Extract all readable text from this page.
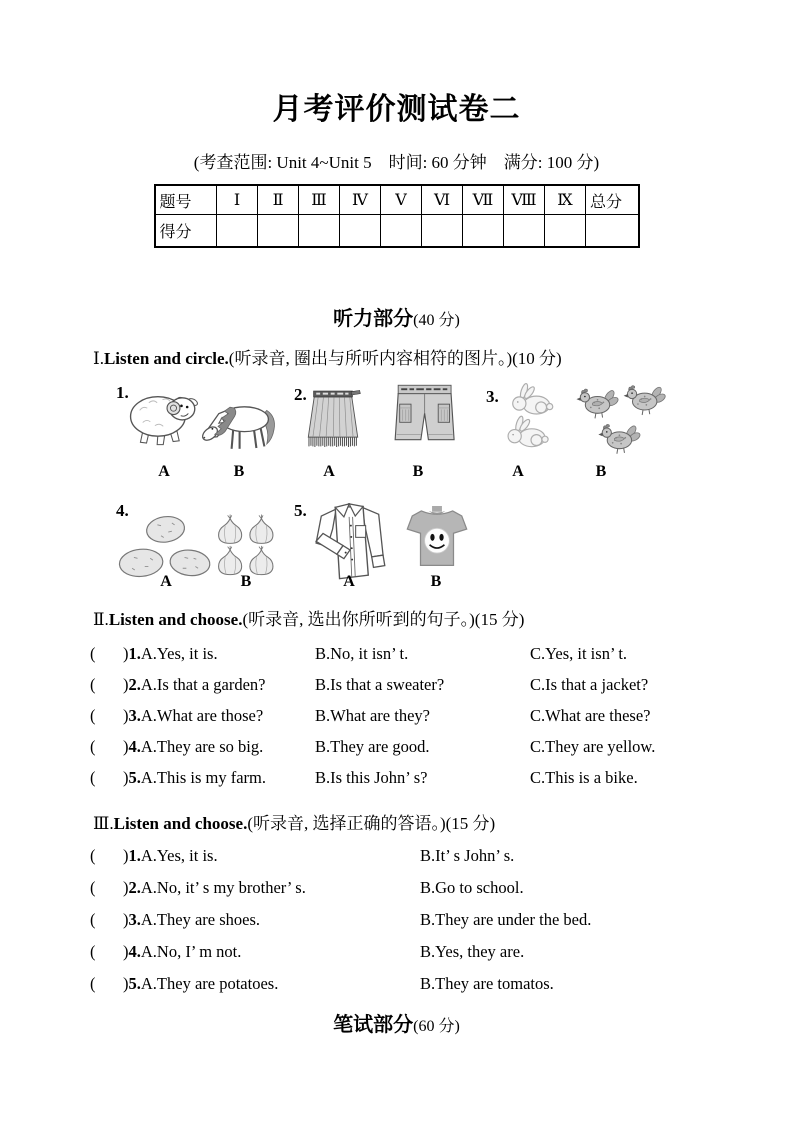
月考评价测试卷二
(考查范围: Unit 4~Unit 5　时间: 60 分钟　满分: 100 分)
题号	Ⅰ	Ⅱ	Ⅲ	Ⅳ	Ⅴ	Ⅵ	Ⅶ	Ⅷ	Ⅸ	总分
得分										
听力部分(40 分)
Ⅰ.Listen and circle.(听录音, 圈出与所听内容相符的图片。)(10 分)
1.
A	B
2.
A	B
3.
A	B
4.
A	B
5.
A	B
Ⅱ.Listen and choose.(听录音, 选出你所听到的句子。)(15 分)
(	)1.A.Yes, it is.	B.No, it isn’ t.	C.Yes, it isn’ t.
(	)2.A.Is that a garden?	B.Is that a sweater?	C.Is that a jacket?
(	)3.A.What are those?	B.What are they?	C.What are these?
(	)4.A.They are so big.	B.They are good.	C.They are yellow.
(	)5.A.This is my farm.	B.Is this John’ s?	C.This is a bike.
Ⅲ.Listen and choose.(听录音, 选择正确的答语。)(15 分)
(	)1.A.Yes, it is.	B.It’ s John’ s.
(	)2.A.No, it’ s my brother’ s.	B.Go to school.
(	)3.A.They are shoes.	B.They are under the bed.
(	)4.A.No, I’ m not.	B.Yes, they are.
(	)5.A.They are potatoes.	B.They are tomatos.
笔试部分(60 分)
